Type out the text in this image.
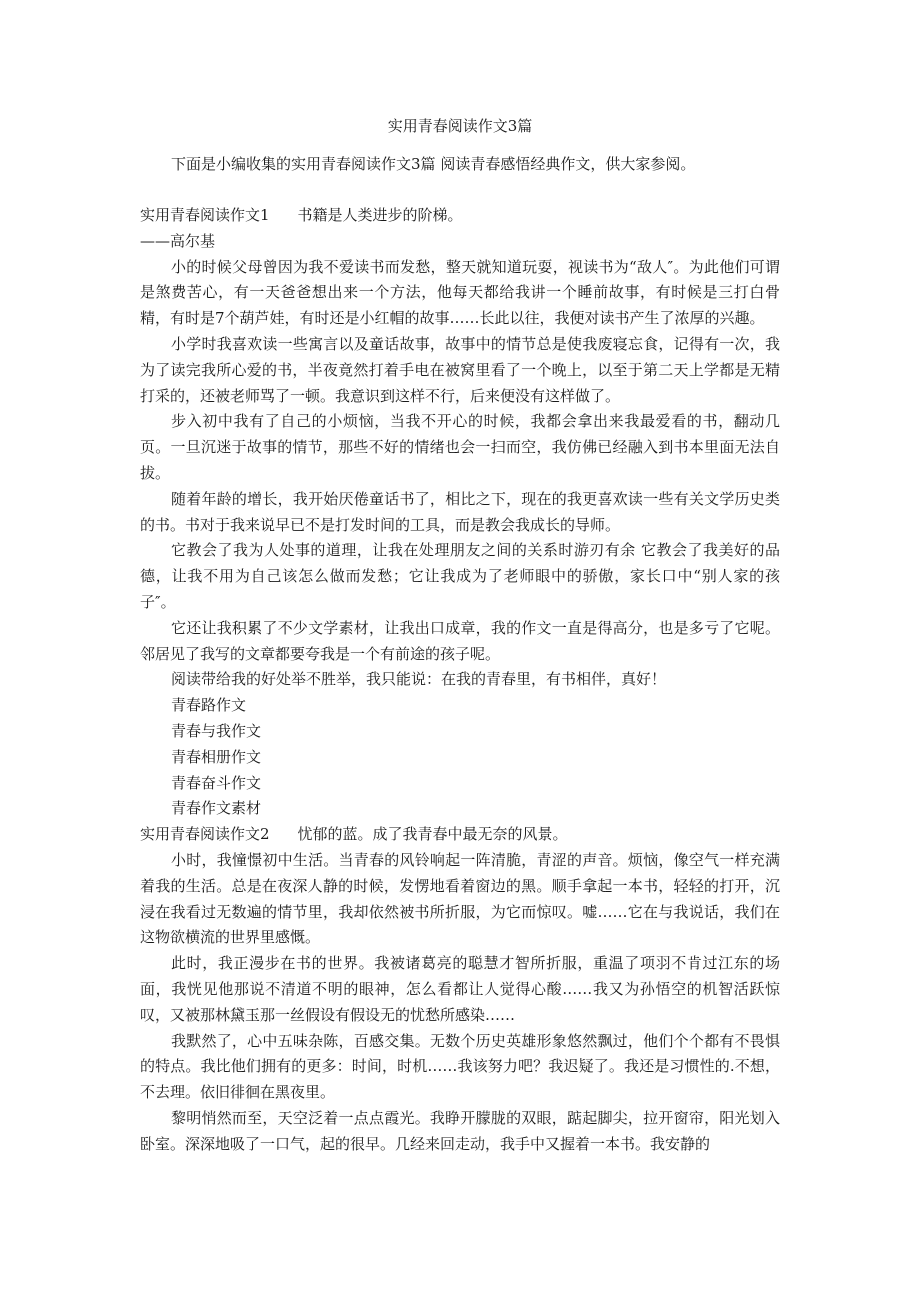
实用青春阅读作文3篇
下面是小编收集的实用青春阅读作文3篇 阅读青春感悟经典作文，供大家参阅。
实用青春阅读作文1 书籍是人类进步的阶梯。
——高尔基

小的时候父母曾因为我不爱读书而发愁，整天就知道玩耍，视读书为“敌人″。为此他们可谓是煞费苦心，有一天爸爸想出来一个方法，他每天都给我讲一个睡前故事，有时候是三打白骨精，有时是7个葫芦娃，有时还是小红帽的故事……长此以往，我便对读书产生了浓厚的兴趣。

小学时我喜欢读一些寓言以及童话故事，故事中的情节总是使我废寝忘食，记得有一次，我为了读完我所心爱的书，半夜竟然打着手电在被窝里看了一个晚上，以至于第二天上学都是无精打采的，还被老师骂了一顿。我意识到这样不行，后来便没有这样做了。

步入初中我有了自己的小烦恼，当我不开心的时候，我都会拿出来我最爱看的书，翻动几页。一旦沉迷于故事的情节，那些不好的情绪也会一扫而空，我仿佛已经融入到书本里面无法自拔。

随着年龄的增长，我开始厌倦童话书了，相比之下，现在的我更喜欢读一些有关文学历史类的书。书对于我来说早已不是打发时间的工具，而是教会我成长的导师。

它教会了我为人处事的道理，让我在处理朋友之间的关系时游刃有余 它教会了我美好的品德，让我不用为自己该怎么做而发愁；它让我成为了老师眼中的骄傲，家长口中“别人家的孩子″。

它还让我积累了不少文学素材，让我出口成章，我的作文一直是得高分，也是多亏了它呢。邻居见了我写的文章都要夸我是一个有前途的孩子呢。

阅读带给我的好处举不胜举，我只能说：在我的青春里，有书相伴，真好！

青春路作文
青春与我作文
青春相册作文
青春奋斗作文
青春作文素材
实用青春阅读作文2 忧郁的蓝。成了我青春中最无奈的风景。

小时，我憧憬初中生活。当青春的风铃响起一阵清脆，青涩的声音。烦恼，像空气一样充满着我的生活。总是在夜深人静的时候，发愣地看着窗边的黑。顺手拿起一本书，轻轻的打开，沉浸在我看过无数遍的情节里，我却依然被书所折服，为它而惊叹。嘘……它在与我说话，我们在这物欲横流的世界里感慨。

此时，我正漫步在书的世界。我被诸葛亮的聪慧才智所折服，重温了项羽不肯过江东的场面，我恍见他那说不清道不明的眼神，怎么看都让人觉得心酸……我又为孙悟空的机智活跃惊叹，又被那林黛玉那一丝假设有假设无的忧愁所感染……

我默然了，心中五味杂陈，百感交集。无数个历史英雄形象悠然飘过，他们个个都有不畏惧的特点。我比他们拥有的更多：时间，时机……我该努力吧？我迟疑了。我还是习惯性的.不想，不去理。依旧徘徊在黑夜里。

黎明悄然而至，天空泛着一点点霞光。我睁开朦胧的双眼，踮起脚尖，拉开窗帘，阳光划入卧室。深深地吸了一口气，起的很早。几经来回走动，我手中又握着一本书。我安静的
